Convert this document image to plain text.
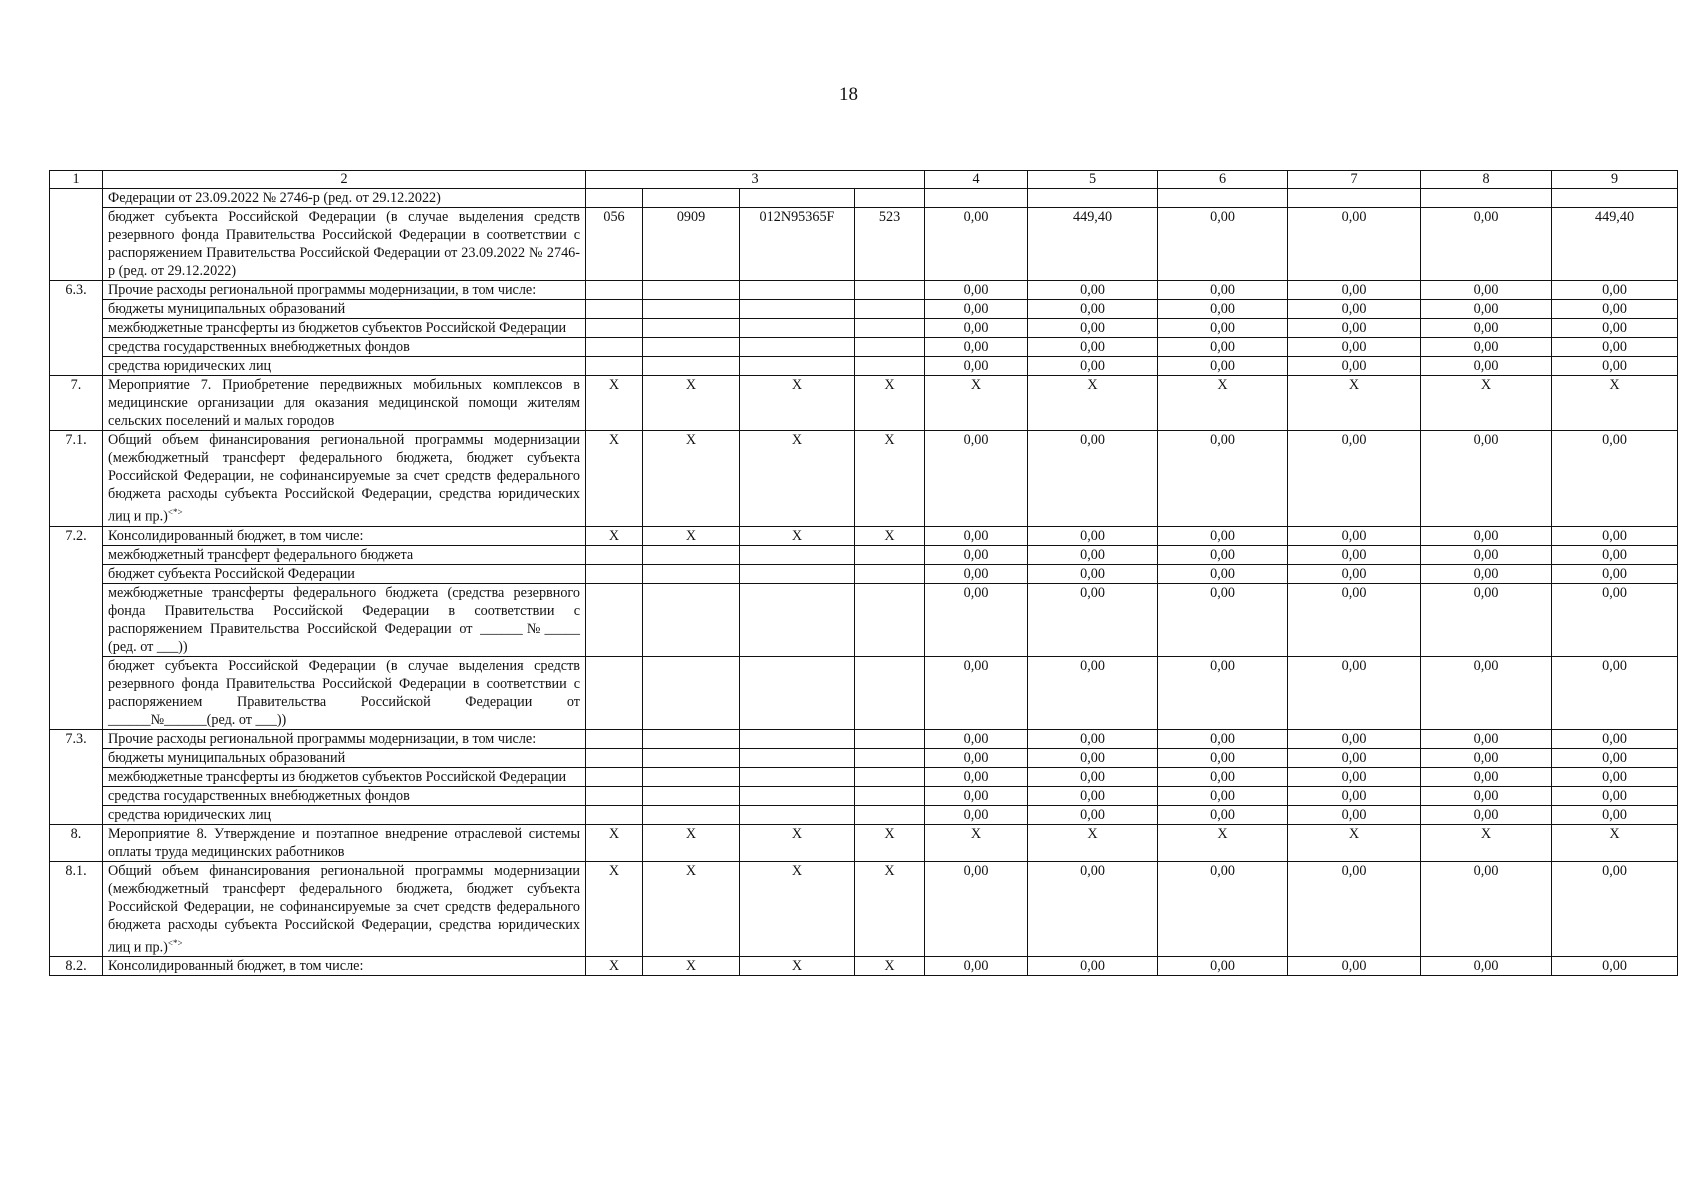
18
1	2	3				4	5	6	7	8	9
	Федерации от 23.09.2022 № 2746-р (ред. от 29.12.2022)										
	бюджет субъекта Российской Федерации (в случае выделения средств резервного фонда Правительства Российской Федерации в соответствии с распоряжением Правительства Российской Федерации от 23.09.2022 № 2746-р (ред. от 29.12.2022)	056	0909	012N95365F	523	0,00	449,40	0,00	0,00	0,00	449,40
6.3.	Прочие расходы региональной программы модернизации, в том числе:					0,00	0,00	0,00	0,00	0,00	0,00
	бюджеты муниципальных образований					0,00	0,00	0,00	0,00	0,00	0,00
	межбюджетные трансферты из бюджетов субъектов Российской Федерации					0,00	0,00	0,00	0,00	0,00	0,00
	средства государственных внебюджетных фондов					0,00	0,00	0,00	0,00	0,00	0,00
	средства юридических лиц					0,00	0,00	0,00	0,00	0,00	0,00
7.	Мероприятие 7. Приобретение передвижных мобильных комплексов в медицинские организации для оказания медицинской помощи жителям сельских поселений и малых городов	X	X	X	X	X	X	X	X	X	X
7.1.	Общий объем финансирования региональной программы модернизации (межбюджетный трансферт федерального бюджета, бюджет субъекта Российской Федерации, не софинансируемые за счет средств федерального бюджета расходы субъекта Российской Федерации, средства юридических лиц и пр.)<*>	X	X	X	X	0,00	0,00	0,00	0,00	0,00	0,00
7.2.	Консолидированный бюджет, в том числе:	X	X	X	X	0,00	0,00	0,00	0,00	0,00	0,00
	межбюджетный трансферт федерального бюджета					0,00	0,00	0,00	0,00	0,00	0,00
	бюджет субъекта Российской Федерации					0,00	0,00	0,00	0,00	0,00	0,00
	межбюджетные трансферты федерального бюджета (средства резервного фонда Правительства Российской Федерации в соответствии с распоряжением Правительства Российской Федерации от ______№_____ (ред. от ___))					0,00	0,00	0,00	0,00	0,00	0,00
	бюджет субъекта Российской Федерации (в случае выделения средств резервного фонда Правительства Российской Федерации в соответствии с распоряжением Правительства Российской Федерации от ______№______(ред. от ___))					0,00	0,00	0,00	0,00	0,00	0,00
7.3.	Прочие расходы региональной программы модернизации, в том числе:					0,00	0,00	0,00	0,00	0,00	0,00
	бюджеты муниципальных образований					0,00	0,00	0,00	0,00	0,00	0,00
	межбюджетные трансферты из бюджетов субъектов Российской Федерации					0,00	0,00	0,00	0,00	0,00	0,00
	средства государственных внебюджетных фондов					0,00	0,00	0,00	0,00	0,00	0,00
	средства юридических лиц					0,00	0,00	0,00	0,00	0,00	0,00
8.	Мероприятие 8. Утверждение и поэтапное внедрение отраслевой системы оплаты труда медицинских работников	X	X	X	X	X	X	X	X	X	X
8.1.	Общий объем финансирования региональной программы модернизации (межбюджетный трансферт федерального бюджета, бюджет субъекта Российской Федерации, не софинансируемые за счет средств федерального бюджета расходы субъекта Российской Федерации, средства юридических лиц и пр.)<*>	X	X	X	X	0,00	0,00	0,00	0,00	0,00	0,00
8.2.	Консолидированный бюджет, в том числе:	X	X	X	X	0,00	0,00	0,00	0,00	0,00	0,00
